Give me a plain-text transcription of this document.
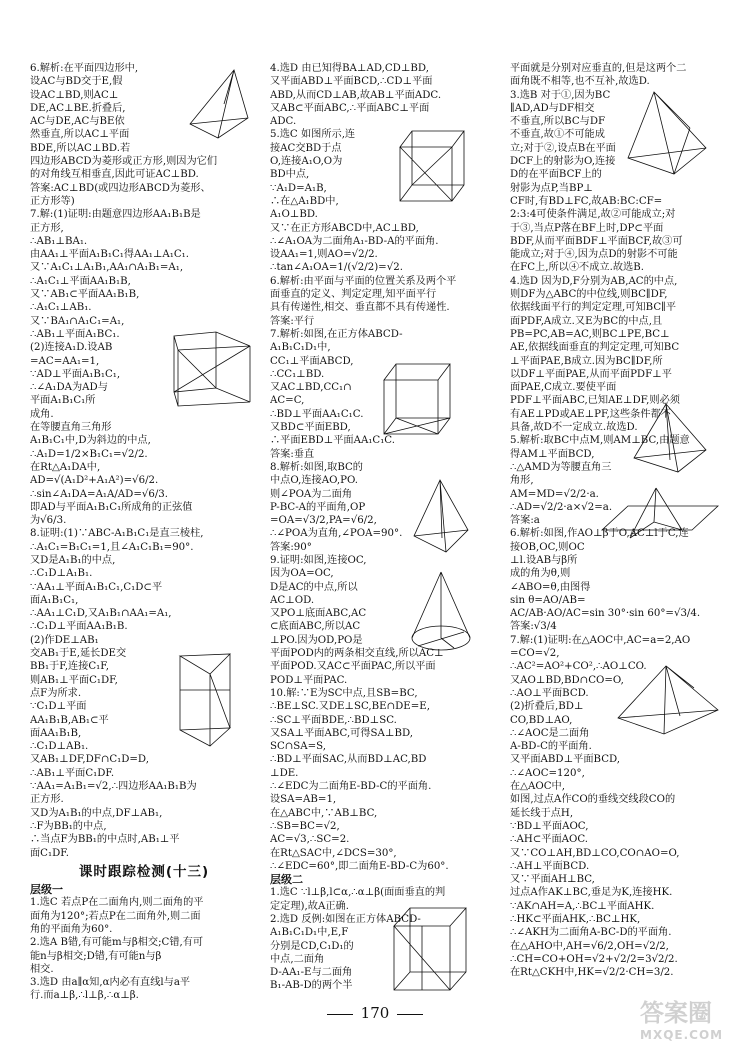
6.解析:在平面四边形中,
设AC与BD交于E,假
设AC⊥BD,则AC⊥
DE,AC⊥BE.折叠后,
AC与DE,AC与BE依
然垂直,所以AC⊥平面
BDE,所以AC⊥BD.若
四边形ABCD为菱形或正方形,则因为它们
的对角线互相垂直,因此可证AC⊥BD.
答案:AC⊥BD(或四边形ABCD为菱形、
正方形等)
7.解:(1)证明:由题意四边形AA₁B₁B是
正方形,
∴AB₁⊥BA₁.
由AA₁⊥平面A₁B₁C₁得AA₁⊥A₁C₁.
又∵A₁C₁⊥A₁B₁,AA₁∩A₁B₁=A₁,
∴A₁C₁⊥平面AA₁B₁B,
又∵AB₁⊂平面AA₁B₁B,
∴A₁C₁⊥AB₁.
又∵BA₁∩A₁C₁=A₁,
∴AB₁⊥平面A₁BC₁.
(2)连接A₁D.设AB
=AC=AA₁=1,
∵AD⊥平面A₁B₁C₁,
∴∠A₁DA为AD与
平面A₁B₁C₁所
成角.
在等腰直角三角形
A₁B₁C₁中,D为斜边的中点,
∴A₁D=1/2×B₁C₁=√2/2.
在Rt△A₁DA中,
AD=√(A₁D²+A₁A²)=√6/2.
∴sin∠A₁DA=A₁A/AD=√6/3.
即AD与平面A₁B₁C₁所成角的正弦值
为√6/3.
8.证明:(1)∵ABC-A₁B₁C₁是直三棱柱,
∴A₁C₁=B₁C₁=1,且∠A₁C₁B₁=90°.
又D是A₁B₁的中点,
∴C₁D⊥A₁B₁.
∵AA₁⊥平面A₁B₁C₁,C₁D⊂平
面A₁B₁C₁,
∴AA₁⊥C₁D,又A₁B₁∩AA₁=A₁,
∴C₁D⊥平面AA₁B₁B.
(2)作DE⊥AB₁
交AB₁于E,延长DE交
BB₁于F,连接C₁F,
则AB₁⊥平面C₁DF,
点F为所求.
∵C₁D⊥平面
AA₁B₁B,AB₁⊂平
面AA₁B₁B,
∴C₁D⊥AB₁.
又AB₁⊥DF,DF∩C₁D=D,
∴AB₁⊥平面C₁DF.
∵AA₁=A₁B₁=√2,∴四边形AA₁B₁B为
正方形.
又D为A₁B₁的中点,DF⊥AB₁,
∴F为BB₁的中点,
∴当点F为BB₁的中点时,AB₁⊥平
面C₁DF.
课时跟踪检测(十三)
层级一
1.选C 若点P在二面角内,则二面角的平
面角为120°;若点P在二面角外,则二面
角的平面角为60°.
2.选A B错,有可能m与β相交;C错,有可
能n与β相交;D错,有可能n与β
相交.
3.选D 由a∥α知,α内必有直线l与a平
行.而a⊥β,∴l⊥β,∴α⊥β.
4.选D 由已知得BA⊥AD,CD⊥BD,
又平面ABD⊥平面BCD,∴CD⊥平面
ABD,从而CD⊥AB,故AB⊥平面ADC.
又AB⊂平面ABC,∴平面ABC⊥平面
ADC.
5.选C 如图所示,连
接AC交BD于点
O,连接A₁O,O为
BD中点,
∵A₁D=A₁B,
∴在△A₁BD中,
A₁O⊥BD.
又∵在正方形ABCD中,AC⊥BD,
∴∠A₁OA为二面角A₁-BD-A的平面角.
设AA₁=1,则AO=√2/2.
∴tan∠A₁OA=1/(√2/2)=√2.
6.解析:由平面与平面的位置关系及两个平
面垂直的定义、判定定理,知平面平行
具有传递性,相交、垂直都不具有传递性.
答案:平行
7.解析:如图,在正方体ABCD-
A₁B₁C₁D₁中,
CC₁⊥平面ABCD,
∴CC₁⊥BD.
又AC⊥BD,CC₁∩
AC=C,
∴BD⊥平面AA₁C₁C.
又BD⊂平面EBD,
∴平面EBD⊥平面AA₁C₁C.
答案:垂直
8.解析:如图,取BC的
中点O,连接AO,PO.
则∠POA为二面角
P-BC-A的平面角,OP
=OA=√3/2,PA=√6/2,
∴∠POA为直角,∠POA=90°.
答案:90°
9.证明:如图,连接OC,
因为OA=OC,
D是AC的中点,所以
AC⊥OD.
又PO⊥底面ABC,AC
⊂底面ABC,所以AC
⊥PO.因为OD,PO是
平面POD内的两条相交直线,所以AC⊥
平面POD.又AC⊂平面PAC,所以平面
POD⊥平面PAC.
10.解:∵E为SC中点,且SB=BC,
∴BE⊥SC.又DE⊥SC,BE∩DE=E,
∴SC⊥平面BDE,∴BD⊥SC.
又SA⊥平面ABC,可得SA⊥BD,
SC∩SA=S,
∴BD⊥平面SAC,从而BD⊥AC,BD
⊥DE.
∴∠EDC为二面角E-BD-C的平面角.
设SA=AB=1,
在△ABC中,∵AB⊥BC,
∴SB=BC=√2,
AC=√3,∴SC=2.
在Rt△SAC中,∠DCS=30°,
∴∠EDC=60°,即二面角E-BD-C为60°.
层级二
1.选C ∵l⊥β,l⊂α,∴α⊥β(面面垂直的判
定定理),故A正确.
2.选D 反例:如图在正方体ABCD-
A₁B₁C₁D₁中,E,F
分别是CD,C₁D₁的
中点,二面角
D-AA₁-E与二面角
B₁-AB-D的两个半
平面就是分别对应垂直的,但是这两个二
面角既不相等,也不互补,故选D.
3.选B 对于①,因为BC
∥AD,AD与DF相交
不垂直,所以BC与DF
不垂直,故①不可能成
立;对于②,设点B在平面
DCF上的射影为O,连接
D的在平面BCF上的
射影为点P,当BP⊥
CF时,有BD⊥FC,故AB:BC:CF=
2:3:4可使条件满足,故②可能成立;对
于③,当点P落在BF上时,DP⊂平面
BDF,从而平面BDF⊥平面BCF,故③可
能成立;对于④,因为点D的射影不可能
在FC上,所以④不成立.故选B.
4.选D 因为D,F分别为AB,AC的中点,
则DF为△ABC的中位线,则BC∥DF,
依据线面平行的判定定理,可知BC∥平
面PDF,A成立.又E为BC的中点,且
PB=PC,AB=AC,则BC⊥PE,BC⊥
AE,依据线面垂直的判定定理,可知BC
⊥平面PAE,B成立.因为BC∥DF,所
以DF⊥平面PAE,从而平面PDF⊥平
面PAE,C成立.要使平面
PDF⊥平面ABC,已知AE⊥DF,则必须
有AE⊥PD或AE⊥PF,这些条件都不
具备,故D不一定成立.故选D.
5.解析:取BC中点M,则AM⊥BC,由题意
得AM⊥平面BCD,
∴△AMD为等腰直角三
角形,
AM=MD=√2/2·a.
∴AD=√2/2·a×√2=a.
答案:a
6.解析:如图,作AO⊥β于O,AC⊥l于C,连
接OB,OC,则OC
⊥l.设AB与β所
成的角为θ,则
∠ABO=θ,由图得
sin θ=AO/AB=
AC/AB·AO/AC=sin 30°·sin 60°=√3/4.
答案:√3/4
7.解:(1)证明:在△AOC中,AC=a=2,AO
=CO=√2,
∴AC²=AO²+CO²,∴AO⊥CO.
又AO⊥BD,BD∩CO=O,
∴AO⊥平面BCD.
(2)折叠后,BD⊥
CO,BD⊥AO,
∴∠AOC是二面角
A-BD-C的平面角.
又平面ABD⊥平面BCD,
∴∠AOC=120°,
在△AOC中,
如图,过点A作CO的垂线交线段CO的
延长线于点H,
∵BD⊥平面AOC,
∴AH⊂平面AOC.
又∵CO⊥AH,BD⊥CO,CO∩AO=O,
∴AH⊥平面BCD.
又∵平面AH⊥BC,
过点A作AK⊥BC,垂足为K,连接HK.
∵AK∩AH=A,∴BC⊥平面AHK.
∴HK⊂平面AHK,∴BC⊥HK,
∴∠AKH为二面角A-BC-D的平面角.
在△AHO中,AH=√6/2,OH=√2/2,
∴CH=CO+OH=√2+√2/2=3√2/2.
在Rt△CKH中,HK=√2/2·CH=3/2.
170	答案圈
MXQE.COM
